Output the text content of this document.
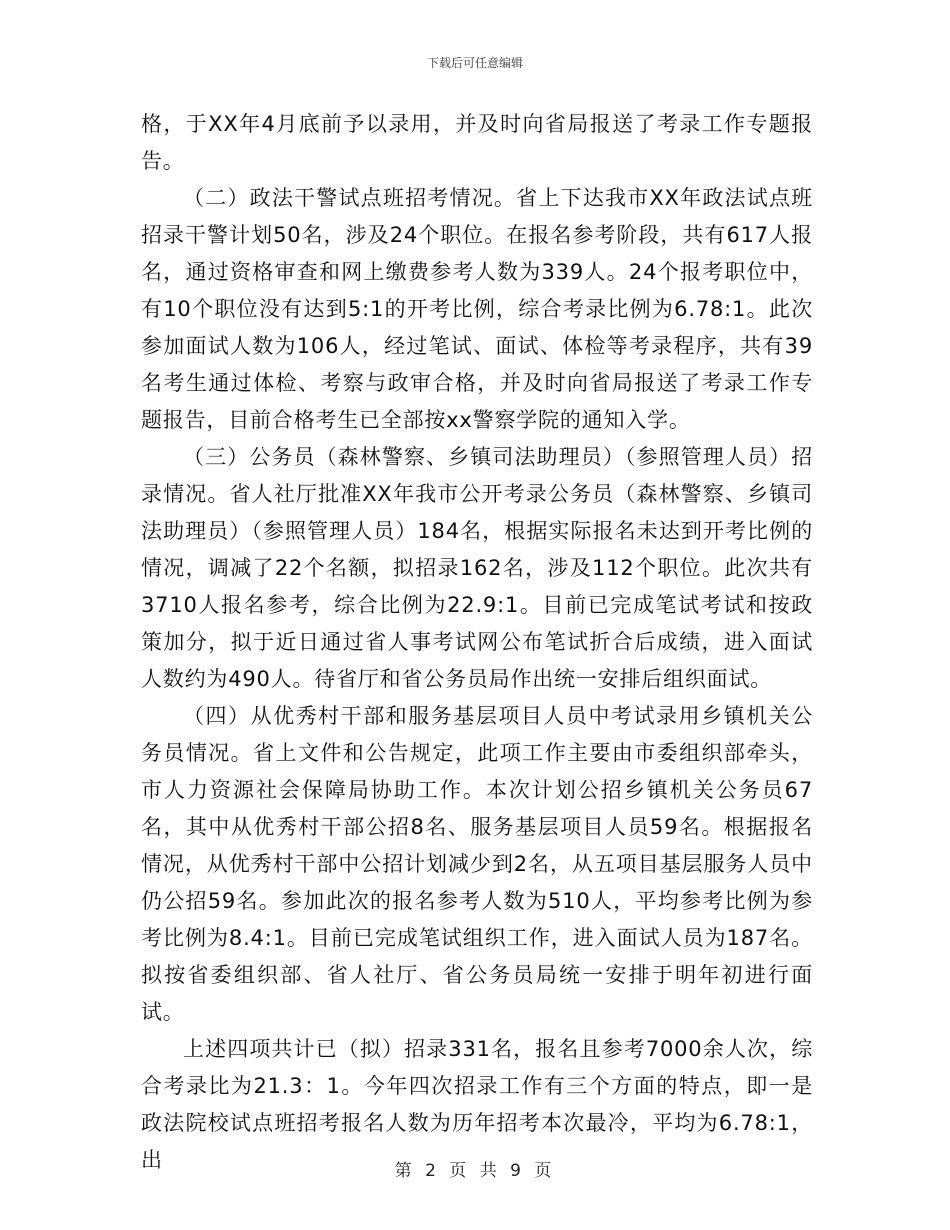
下载后可任意编辑

格，于XX年4月底前予以录用，并及时向省局报送了考录工作专题报告。

（二）政法干警试点班招考情况。省上下达我市XX年政法试点班招录干警计划50名，涉及24个职位。在报名参考阶段，共有617人报名，通过资格审查和网上缴费参考人数为339人。24个报考职位中，有10个职位没有达到5:1的开考比例，综合考录比例为6.78:1。此次参加面试人数为106人，经过笔试、面试、体检等考录程序，共有39名考生通过体检、考察与政审合格，并及时向省局报送了考录工作专题报告，目前合格考生已全部按xx警察学院的通知入学。

（三）公务员（森林警察、乡镇司法助理员）（参照管理人员）招录情况。省人社厅批准XX年我市公开考录公务员（森林警察、乡镇司法助理员）（参照管理人员）184名，根据实际报名未达到开考比例的情况，调减了22个名额，拟招录162名，涉及112个职位。此次共有3710人报名参考，综合比例为22.9:1。目前已完成笔试考试和按政策加分，拟于近日通过省人事考试网公布笔试折合后成绩，进入面试人数约为490人。待省厅和省公务员局作出统一安排后组织面试。

（四）从优秀村干部和服务基层项目人员中考试录用乡镇机关公务员情况。省上文件和公告规定，此项工作主要由市委组织部牵头，市人力资源社会保障局协助工作。本次计划公招乡镇机关公务员67名，其中从优秀村干部公招8名、服务基层项目人员59名。根据报名情况，从优秀村干部中公招计划减少到2名，从五项目基层服务人员中仍公招59名。参加此次的报名参考人数为510人，平均参考比例为参考比例为8.4:1。目前已完成笔试组织工作，进入面试人员为187名。拟按省委组织部、省人社厅、省公务员局统一安排于明年初进行面试。

上述四项共计已（拟）招录331名，报名且参考7000余人次，综合考录比为21.3：1。今年四次招录工作有三个方面的特点，即一是政法院校试点班招考报名人数为历年招考本次最冷，平均为6.78:1，出	第 2 页 共 9 页
